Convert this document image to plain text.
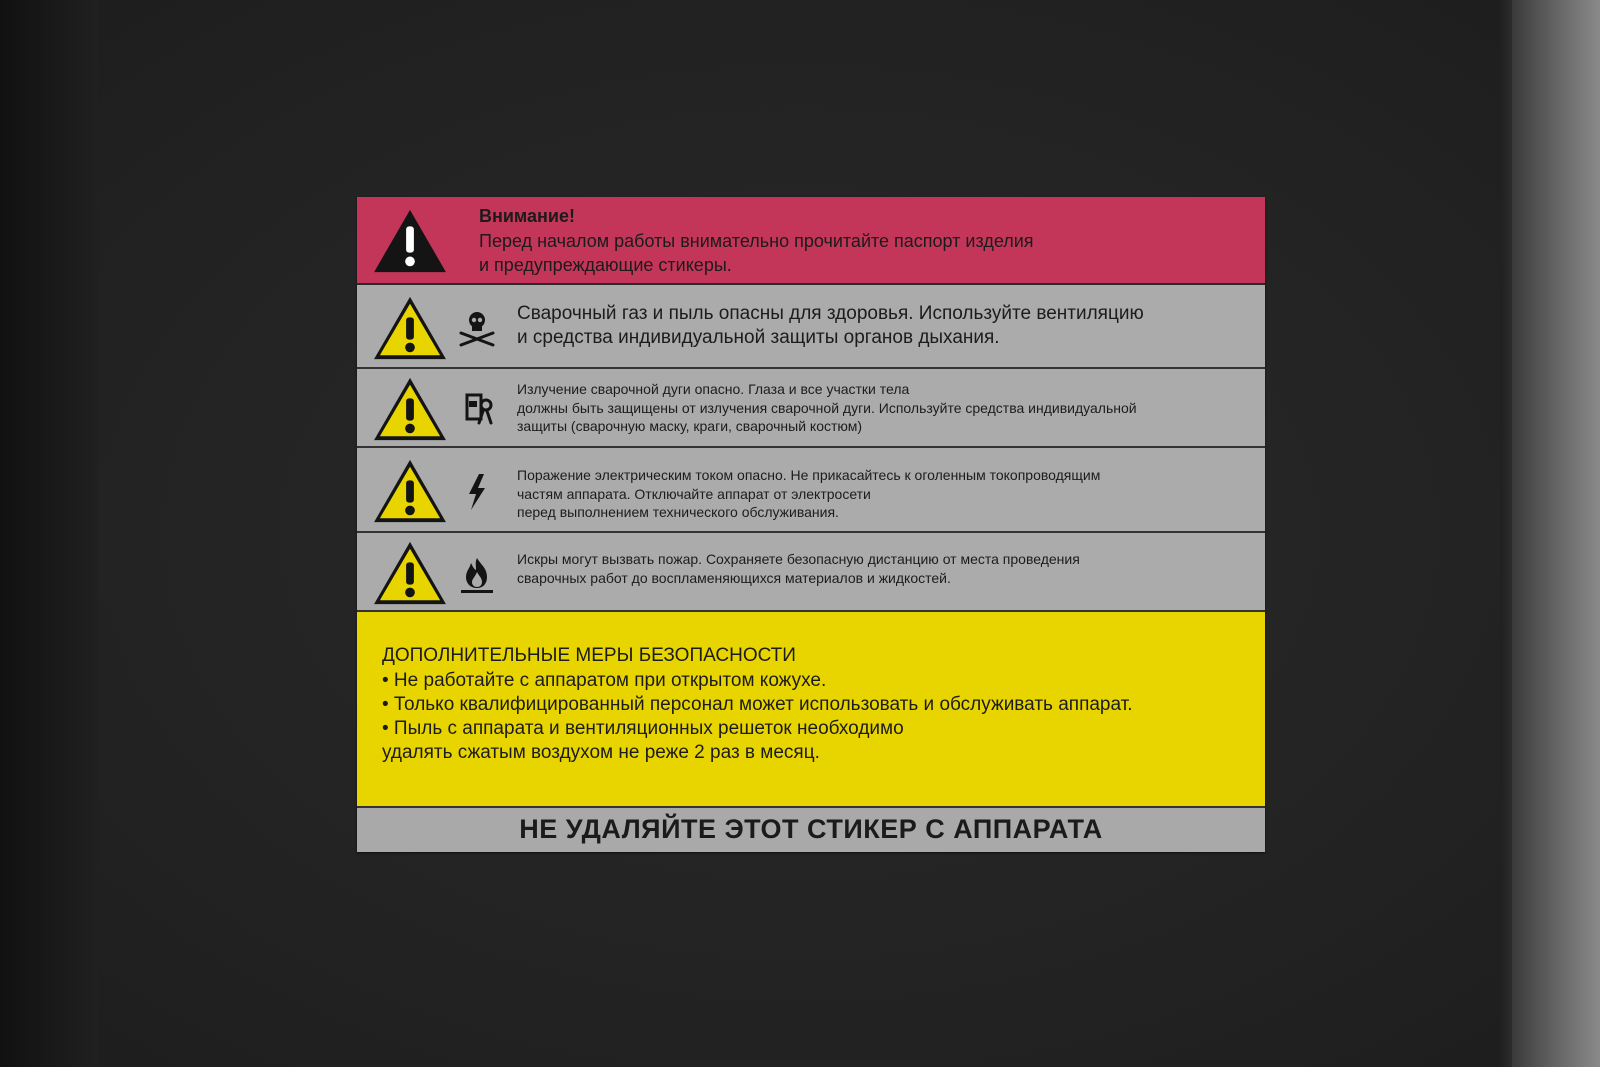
Внимание!
Перед началом работы внимательно прочитайте паспорт изделия
и предупреждающие стикеры.
Сварочный газ и пыль опасны для здоровья. Используйте вентиляцию
и средства индивидуальной защиты органов дыхания.
Излучение сварочной дуги опасно. Глаза и все участки тела
должны быть защищены от излучения сварочной дуги. Используйте средства индивидуальной
защиты (сварочную маску, краги, сварочный костюм)
Поражение электрическим током опасно. Не прикасайтесь к оголенным токопроводящим
частям аппарата. Отключайте аппарат от электросети
перед выполнением технического обслуживания.
Искры могут вызвать пожар. Сохраняете безопасную дистанцию от места проведения
сварочных работ до воспламеняющихся материалов и жидкостей.
ДОПОЛНИТЕЛЬНЫЕ МЕРЫ БЕЗОПАСНОСТИ
• Не работайте с аппаратом при открытом кожухе.
• Только квалифицированный персонал может использовать и обслуживать аппарат.
• Пыль с аппарата и вентиляционных решеток необходимо
удалять сжатым воздухом не реже 2 раз в месяц.
НЕ УДАЛЯЙТЕ ЭТОТ СТИКЕР С АППАРАТА
